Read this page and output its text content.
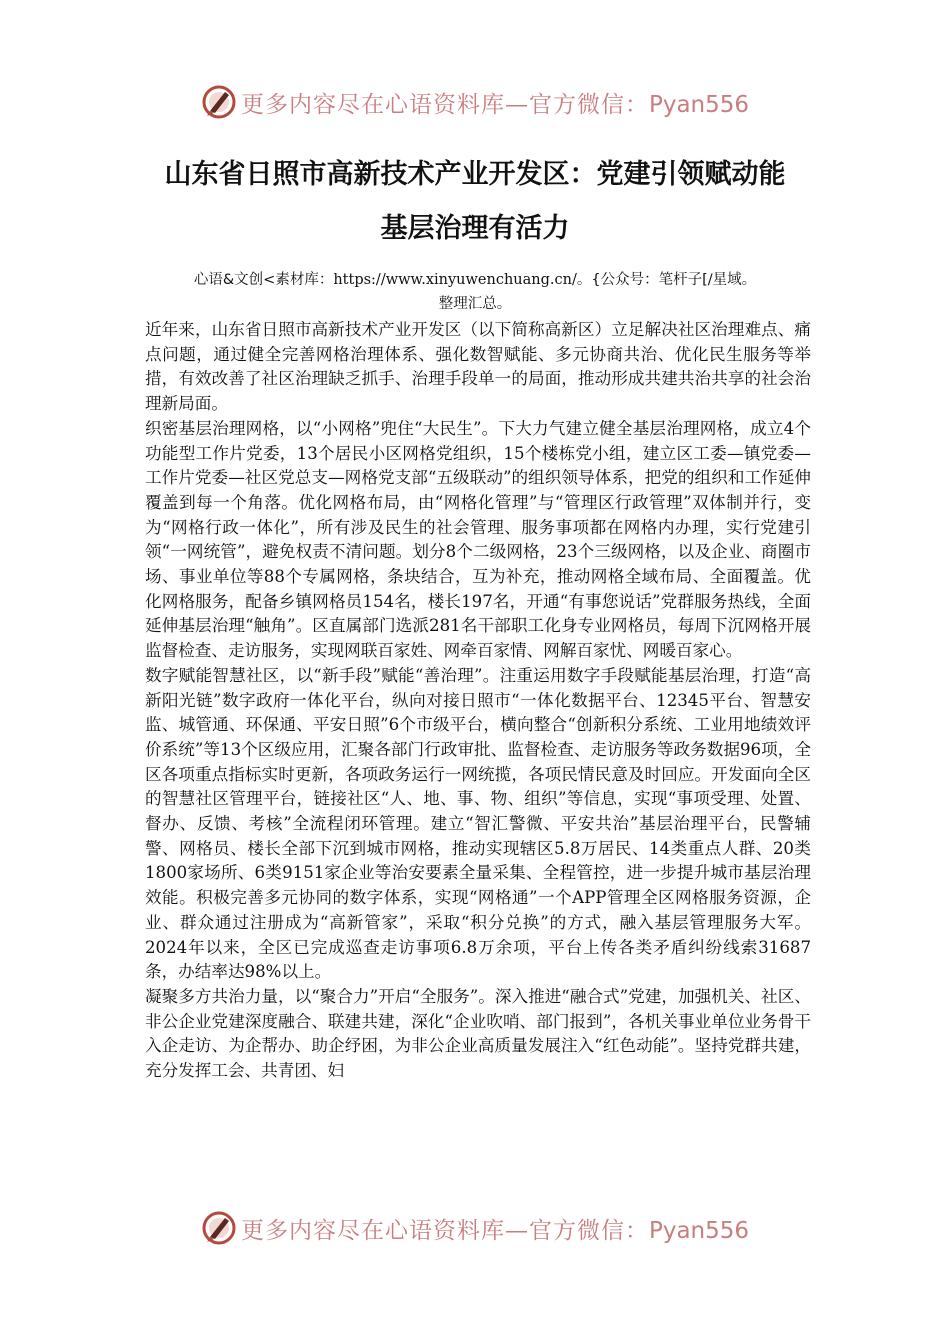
更多内容尽在心语资料库—官方微信：Pyan556
山东省日照市高新技术产业开发区：党建引领赋动能
基层治理有活力
心语&文创<素材库：https://www.xinyuwenchuang.cn/。{公众号：笔杆子[/星域。
整理汇总。

近年来，山东省日照市高新技术产业开发区（以下简称高新区）立足解决社区治理难点、痛点问题，通过健全完善网格治理体系、强化数智赋能、多元协商共治、优化民生服务等举措，有效改善了社区治理缺乏抓手、治理手段单一的局面，推动形成共建共治共享的社会治理新局面。

织密基层治理网格，以“小网格”兜住“大民生”。下大力气建立健全基层治理网格，成立4个功能型工作片党委，13个居民小区网格党组织，15个楼栋党小组，建立区工委—镇党委—工作片党委—社区党总支—网格党支部“五级联动”的组织领导体系，把党的组织和工作延伸覆盖到每一个角落。优化网格布局，由“网格化管理”与“管理区行政管理”双体制并行，变为“网格行政一体化”，所有涉及民生的社会管理、服务事项都在网格内办理，实行党建引领“一网统管”，避免权责不清问题。划分8个二级网格，23个三级网格，以及企业、商圈市场、事业单位等88个专属网格，条块结合，互为补充，推动网格全域布局、全面覆盖。优化网格服务，配备乡镇网格员154名，楼长197名，开通“有事您说话”党群服务热线，全面延伸基层治理“触角”。区直属部门选派281名干部职工化身专业网格员，每周下沉网格开展监督检查、走访服务，实现网联百家姓、网牵百家情、网解百家忧、网暖百家心。

数字赋能智慧社区，以“新手段”赋能“善治理”。注重运用数字手段赋能基层治理，打造“高新阳光链”数字政府一体化平台，纵向对接日照市“一体化数据平台、12345平台、智慧安监、城管通、环保通、平安日照”6个市级平台，横向整合“创新积分系统、工业用地绩效评价系统”等13个区级应用，汇聚各部门行政审批、监督检查、走访服务等政务数据96项，全区各项重点指标实时更新，各项政务运行一网统揽，各项民情民意及时回应。开发面向全区的智慧社区管理平台，链接社区“人、地、事、物、组织”等信息，实现“事项受理、处置、督办、反馈、考核”全流程闭环管理。建立“智汇警微、平安共治”基层治理平台，民警辅警、网格员、楼长全部下沉到城市网格，推动实现辖区5.8万居民、14类重点人群、20类1800家场所、6类9151家企业等治安要素全量采集、全程管控，进一步提升城市基层治理效能。积极完善多元协同的数字体系，实现“网格通”一个APP管理全区网格服务资源，企业、群众通过注册成为“高新管家”，采取“积分兑换”的方式，融入基层管理服务大军。2024年以来，全区已完成巡查走访事项6.8万余项，平台上传各类矛盾纠纷线索31687条，办结率达98%以上。

凝聚多方共治力量，以“聚合力”开启“全服务”。深入推进“融合式”党建，加强机关、社区、非公企业党建深度融合、联建共建，深化“企业吹哨、部门报到”，各机关事业单位业务骨干入企走访、为企帮办、助企纾困，为非公企业高质量发展注入“红色动能”。坚持党群共建，充分发挥工会、共青团、妇

更多内容尽在心语资料库—官方微信：Pyan556
